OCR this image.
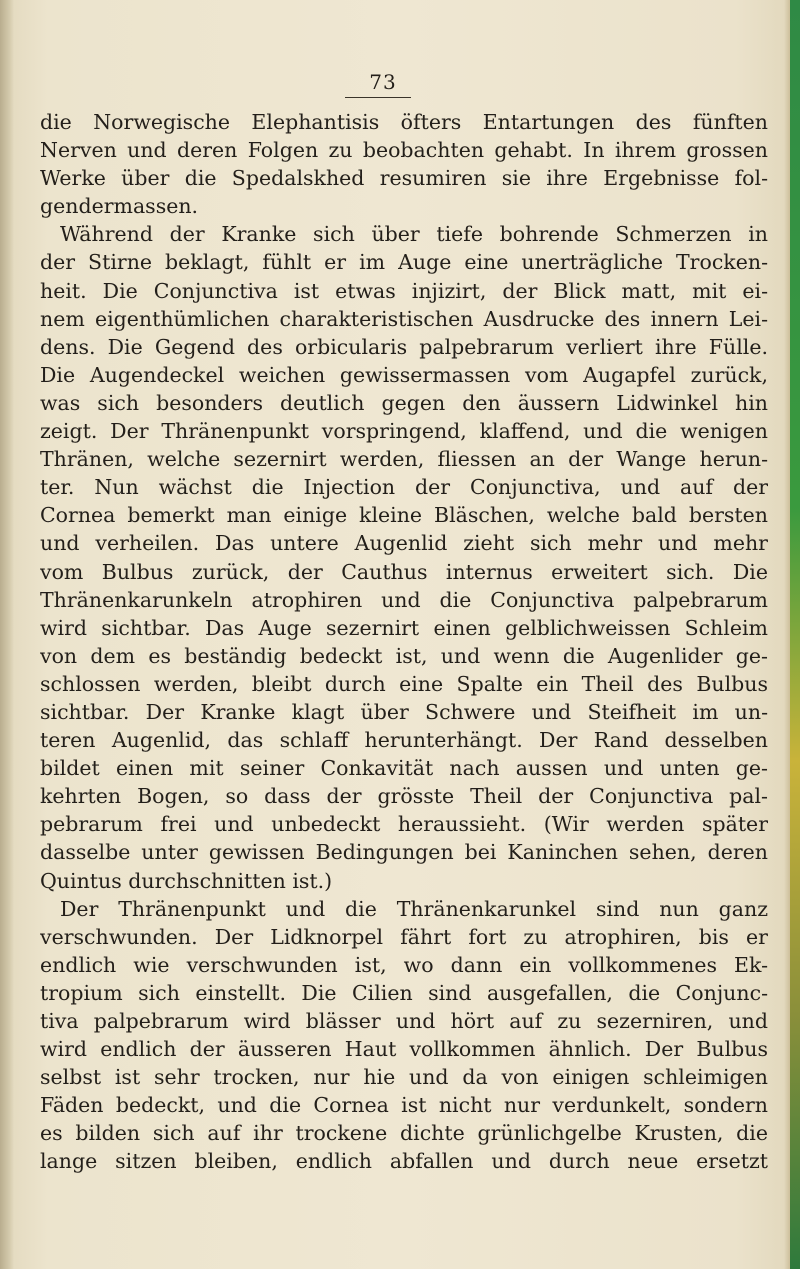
73
die Norwegische Elephantisis öfters Entartungen des fünften
Nerven und deren Folgen zu beobachten gehabt. In ihrem grossen
Werke über die Spedalskhed resumiren sie ihre Ergebnisse fol-
gendermassen.
Während der Kranke sich über tiefe bohrende Schmerzen in
der Stirne beklagt, fühlt er im Auge eine unerträgliche Trocken-
heit. Die Conjunctiva ist etwas injizirt, der Blick matt, mit ei-
nem eigenthümlichen charakteristischen Ausdrucke des innern Lei-
dens. Die Gegend des orbicularis palpebrarum verliert ihre Fülle.
Die Augendeckel weichen gewissermassen vom Augapfel zurück,
was sich besonders deutlich gegen den äussern Lidwinkel hin
zeigt. Der Thränenpunkt vorspringend, klaffend, und die wenigen
Thränen, welche sezernirt werden, fliessen an der Wange herun-
ter. Nun wächst die Injection der Conjunctiva, und auf der
Cornea bemerkt man einige kleine Bläschen, welche bald bersten
und verheilen. Das untere Augenlid zieht sich mehr und mehr
vom Bulbus zurück, der Cauthus internus erweitert sich. Die
Thränenkarunkeln atrophiren und die Conjunctiva palpebrarum
wird sichtbar. Das Auge sezernirt einen gelblichweissen Schleim
von dem es beständig bedeckt ist, und wenn die Augenlider ge-
schlossen werden, bleibt durch eine Spalte ein Theil des Bulbus
sichtbar. Der Kranke klagt über Schwere und Steifheit im un-
teren Augenlid, das schlaff herunterhängt. Der Rand desselben
bildet einen mit seiner Conkavität nach aussen und unten ge-
kehrten Bogen, so dass der grösste Theil der Conjunctiva pal-
pebrarum frei und unbedeckt heraussieht. (Wir werden später
dasselbe unter gewissen Bedingungen bei Kaninchen sehen, deren
Quintus durchschnitten ist.)
Der Thränenpunkt und die Thränenkarunkel sind nun ganz
verschwunden. Der Lidknorpel fährt fort zu atrophiren, bis er
endlich wie verschwunden ist, wo dann ein vollkommenes Ek-
tropium sich einstellt. Die Cilien sind ausgefallen, die Conjunc-
tiva palpebrarum wird blässer und hört auf zu sezerniren, und
wird endlich der äusseren Haut vollkommen ähnlich. Der Bulbus
selbst ist sehr trocken, nur hie und da von einigen schleimigen
Fäden bedeckt, und die Cornea ist nicht nur verdunkelt, sondern
es bilden sich auf ihr trockene dichte grünlichgelbe Krusten, die
lange sitzen bleiben, endlich abfallen und durch neue ersetzt
